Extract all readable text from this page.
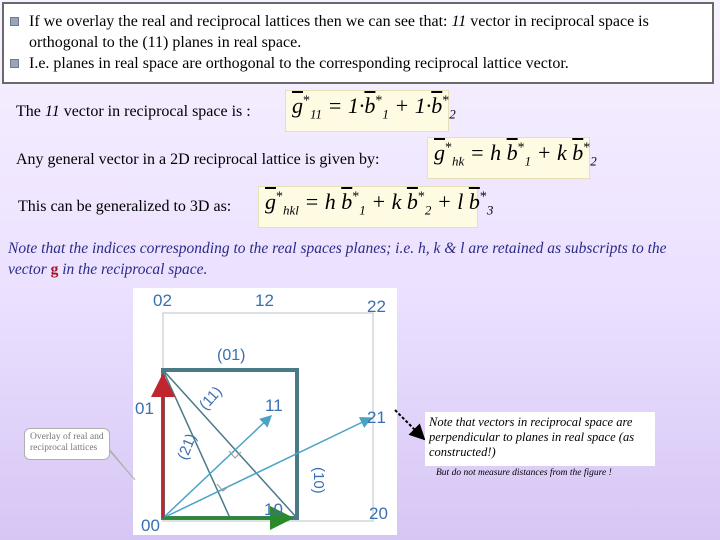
If we overlay the real and reciprocal lattices then we can see that: 11 vector in reciprocal space is orthogonal to the (11) planes in real space.
I.e. planes in real space are orthogonal to the corresponding reciprocal lattice vector.
The 11 vector in reciprocal space is :	$\overline{g}^*_{11} = 1\cdot\overline{b}^*_1 + 1\cdot\overline{b}^*_2$
Any general vector in a 2D reciprocal lattice is given by:	$\overline{g}^*_{hk} = h$ $\overline{b}^*_1 + k$ $\overline{b}^*_2$
This can be generalized to 3D as:	$\overline{g}^*_{hkl} = h$ $\overline{b}^*_1 + k$ $\overline{b}^*_2 + l$ $\overline{b}^*_3$
Note that the indices corresponding to the real spaces planes; i.e. h, k & l are retained as subscripts to the vector g in the reciprocal space.
02	12	22
01	11
21
00
10	20
(01)
(11)
(21)
(10)
Overlay of real and reciprocal lattices
Note that vectors in reciprocal space are perpendicular to planes in real space (as constructed!)
But do not measure distances from the figure !
